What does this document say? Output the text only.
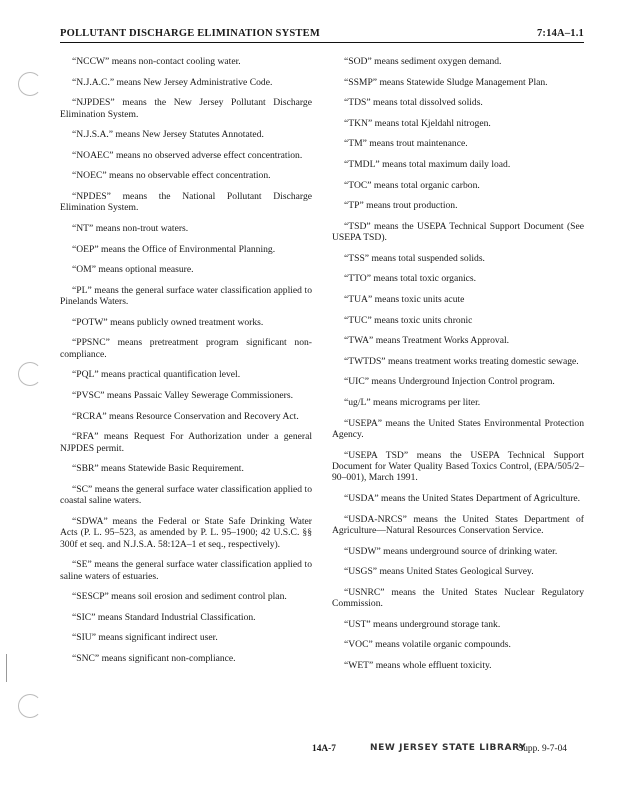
POLLUTANT DISCHARGE ELIMINATION SYSTEM	7:14A–1.1

“NCCW” means non-contact cooling water.

“N.J.A.C.” means New Jersey Administrative Code.

“NJPDES” means the New Jersey Pollutant Discharge Elimination System.

“N.J.S.A.” means New Jersey Statutes Annotated.

“NOAEC” means no observed adverse effect concentration.

“NOEC” means no observable effect concentration.

“NPDES” means the National Pollutant Discharge Elimination System.

“NT” means non-trout waters.

“OEP” means the Office of Environmental Planning.

“OM” means optional measure.

“PL” means the general surface water classification applied to Pinelands Waters.

“POTW” means publicly owned treatment works.

“PPSNC” means pretreatment program significant non-compliance.

“PQL” means practical quantification level.

“PVSC” means Passaic Valley Sewerage Commissioners.

“RCRA” means Resource Conservation and Recovery Act.

“RFA” means Request For Authorization under a general NJPDES permit.

“SBR” means Statewide Basic Requirement.

“SC” means the general surface water classification applied to coastal saline waters.

“SDWA” means the Federal or State Safe Drinking Water Acts (P. L. 95–523, as amended by P. L. 95–1900; 42 U.S.C. §§ 300f et seq. and N.J.S.A. 58:12A–1 et seq., respectively).

“SE” means the general surface water classification applied to saline waters of estuaries.

“SESCP” means soil erosion and sediment control plan.

“SIC” means Standard Industrial Classification.

“SIU” means significant indirect user.

“SNC” means significant non-compliance.

“SOD” means sediment oxygen demand.

“SSMP” means Statewide Sludge Management Plan.

“TDS” means total dissolved solids.

“TKN” means total Kjeldahl nitrogen.

“TM” means trout maintenance.

“TMDL” means total maximum daily load.

“TOC” means total organic carbon.

“TP” means trout production.

“TSD” means the USEPA Technical Support Document (See USEPA TSD).

“TSS” means total suspended solids.

“TTO” means total toxic organics.

“TUA” means toxic units acute

“TUC” means toxic units chronic

“TWA” means Treatment Works Approval.

“TWTDS” means treatment works treating domestic sewage.

“UIC” means Underground Injection Control program.

“ug/L” means micrograms per liter.

“USEPA” means the United States Environmental Protection Agency.

“USEPA TSD” means the USEPA Technical Support Document for Water Quality Based Toxics Control, (EPA/505/2–90–001), March 1991.

“USDA” means the United States Department of Agriculture.

“USDA-NRCS” means the United States Department of Agriculture—Natural Resources Conservation Service.

“USDW” means underground source of drinking water.

“USGS” means United States Geological Survey.

“USNRC” means the United States Nuclear Regulatory Commission.

“UST” means underground storage tank.

“VOC” means volatile organic compounds.

“WET” means whole effluent toxicity.

14A-7	NEW JERSEY STATE LIBRARY
Supp. 9-7-04
